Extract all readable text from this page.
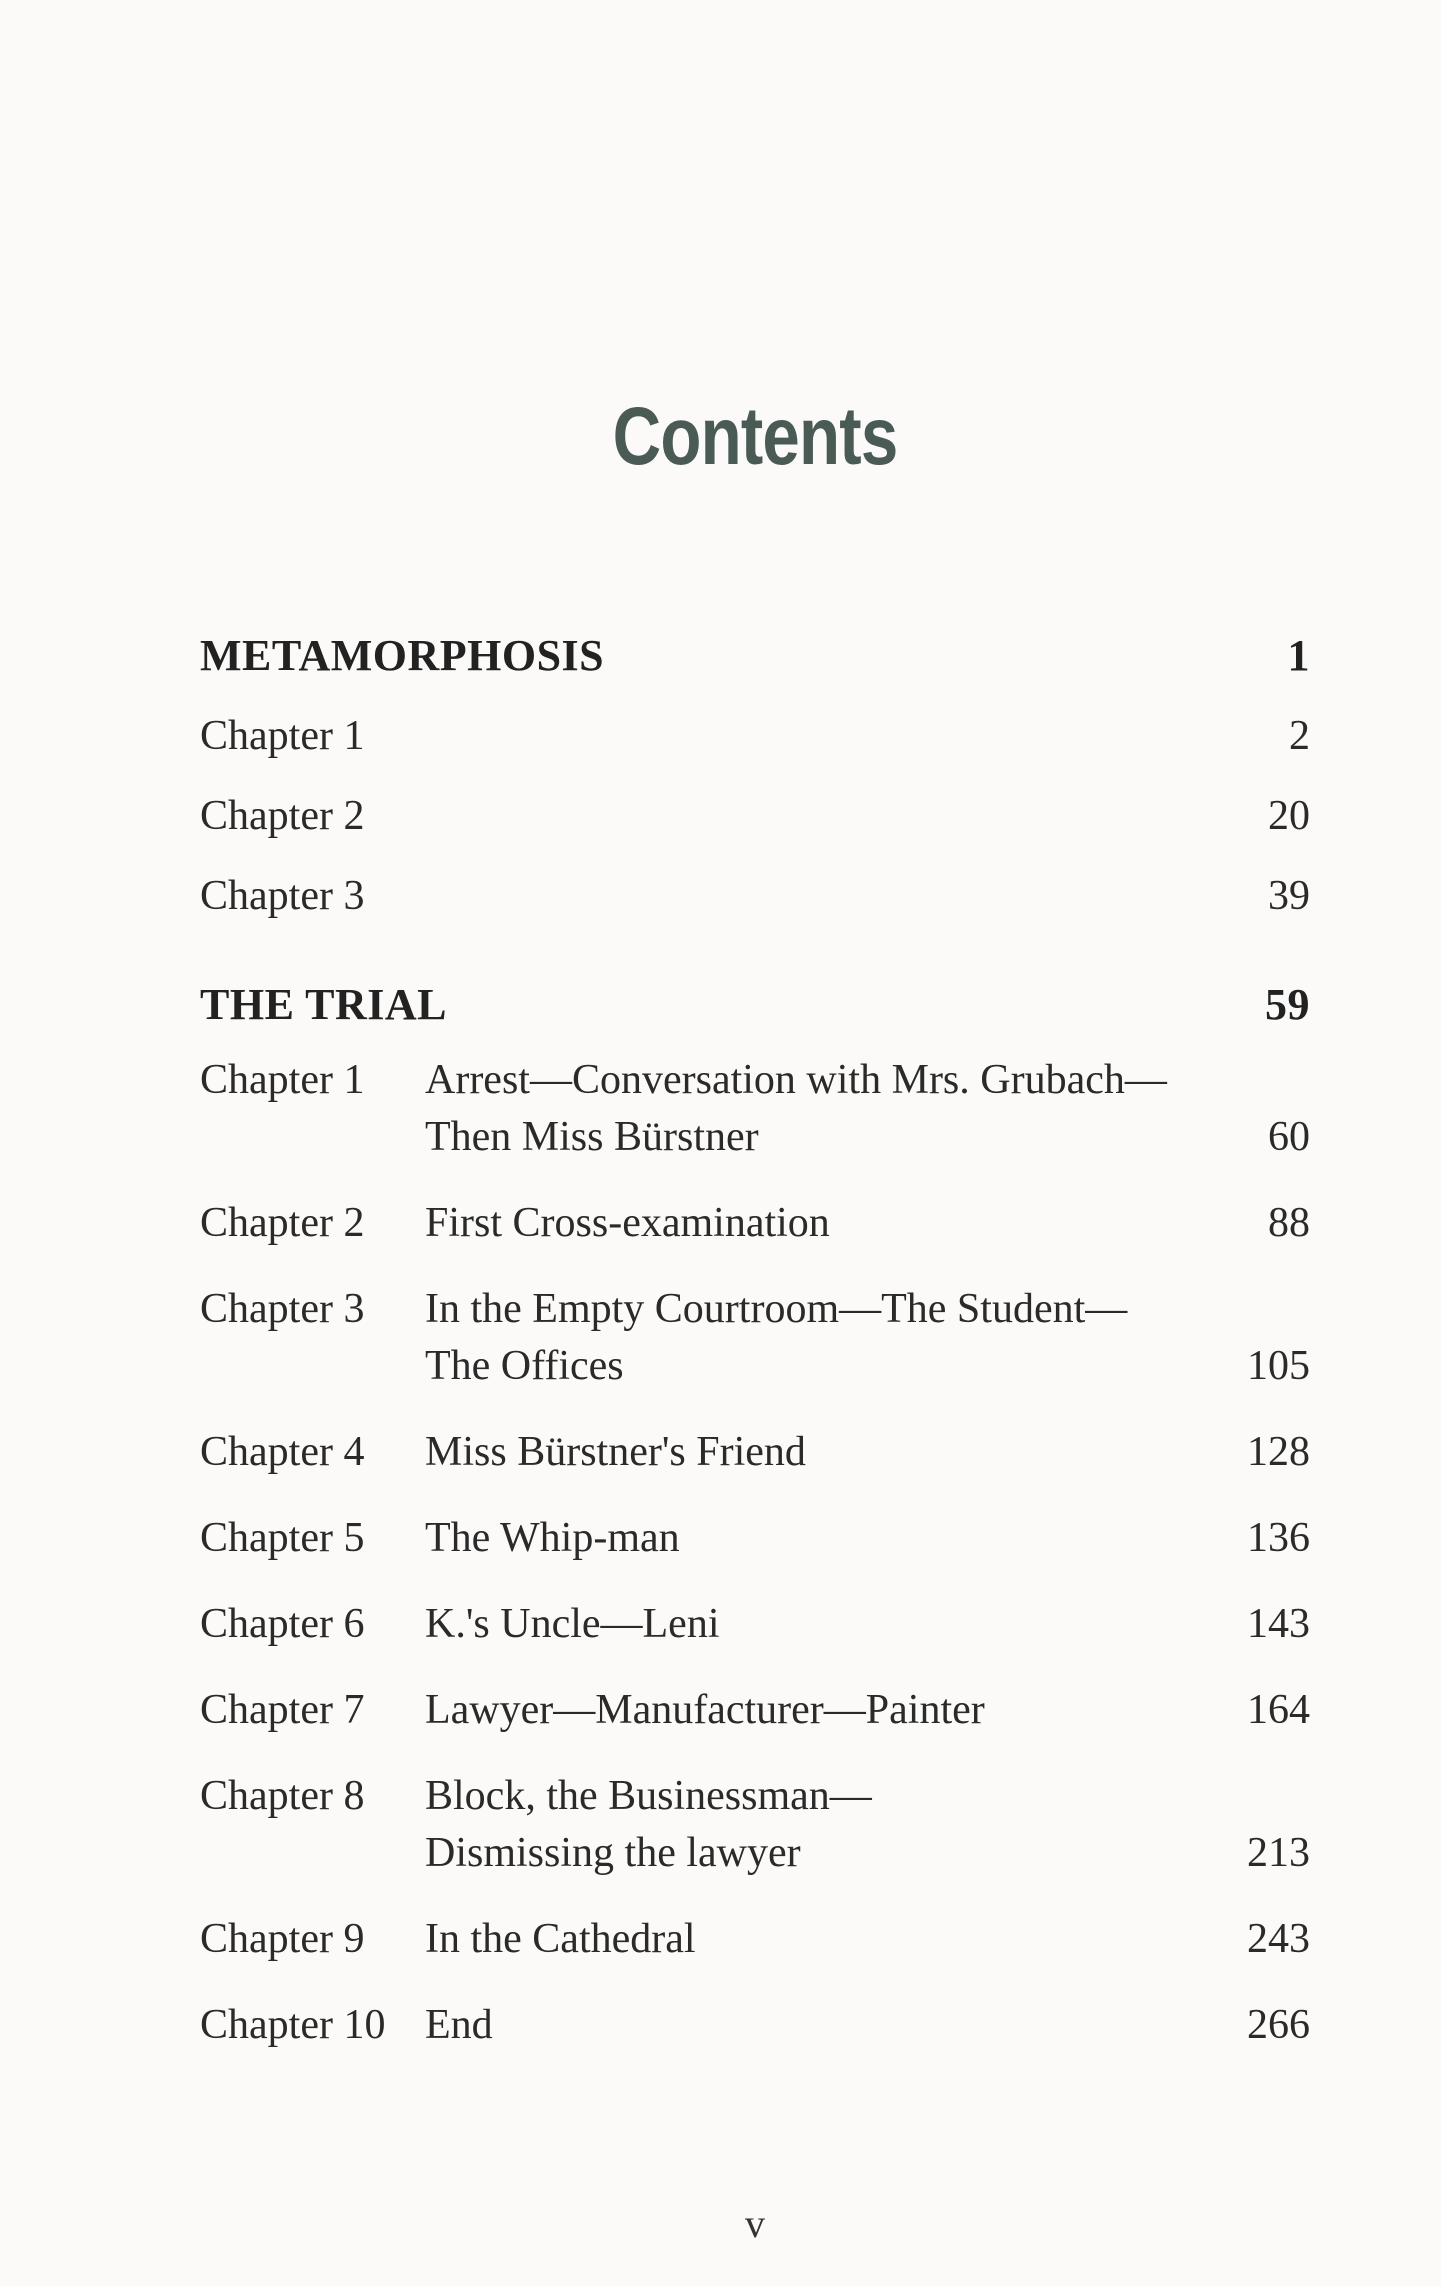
Contents
METAMORPHOSIS	1
Chapter 1	2
Chapter 2	20
Chapter 3	39
THE TRIAL	59
Chapter 1	Arrest—Conversation with Mrs. Grubach—
Then Miss Bürstner	60
Chapter 2	First Cross-examination	88
Chapter 3	In the Empty Courtroom—The Student—
The Offices	105
Chapter 4	Miss Bürstner's Friend	128
Chapter 5	The Whip-man	136
Chapter 6	K.'s Uncle—Leni	143
Chapter 7	Lawyer—Manufacturer—Painter	164
Chapter 8	Block, the Businessman—
Dismissing the lawyer	213
Chapter 9	In the Cathedral	243
Chapter 10 End	266
v
